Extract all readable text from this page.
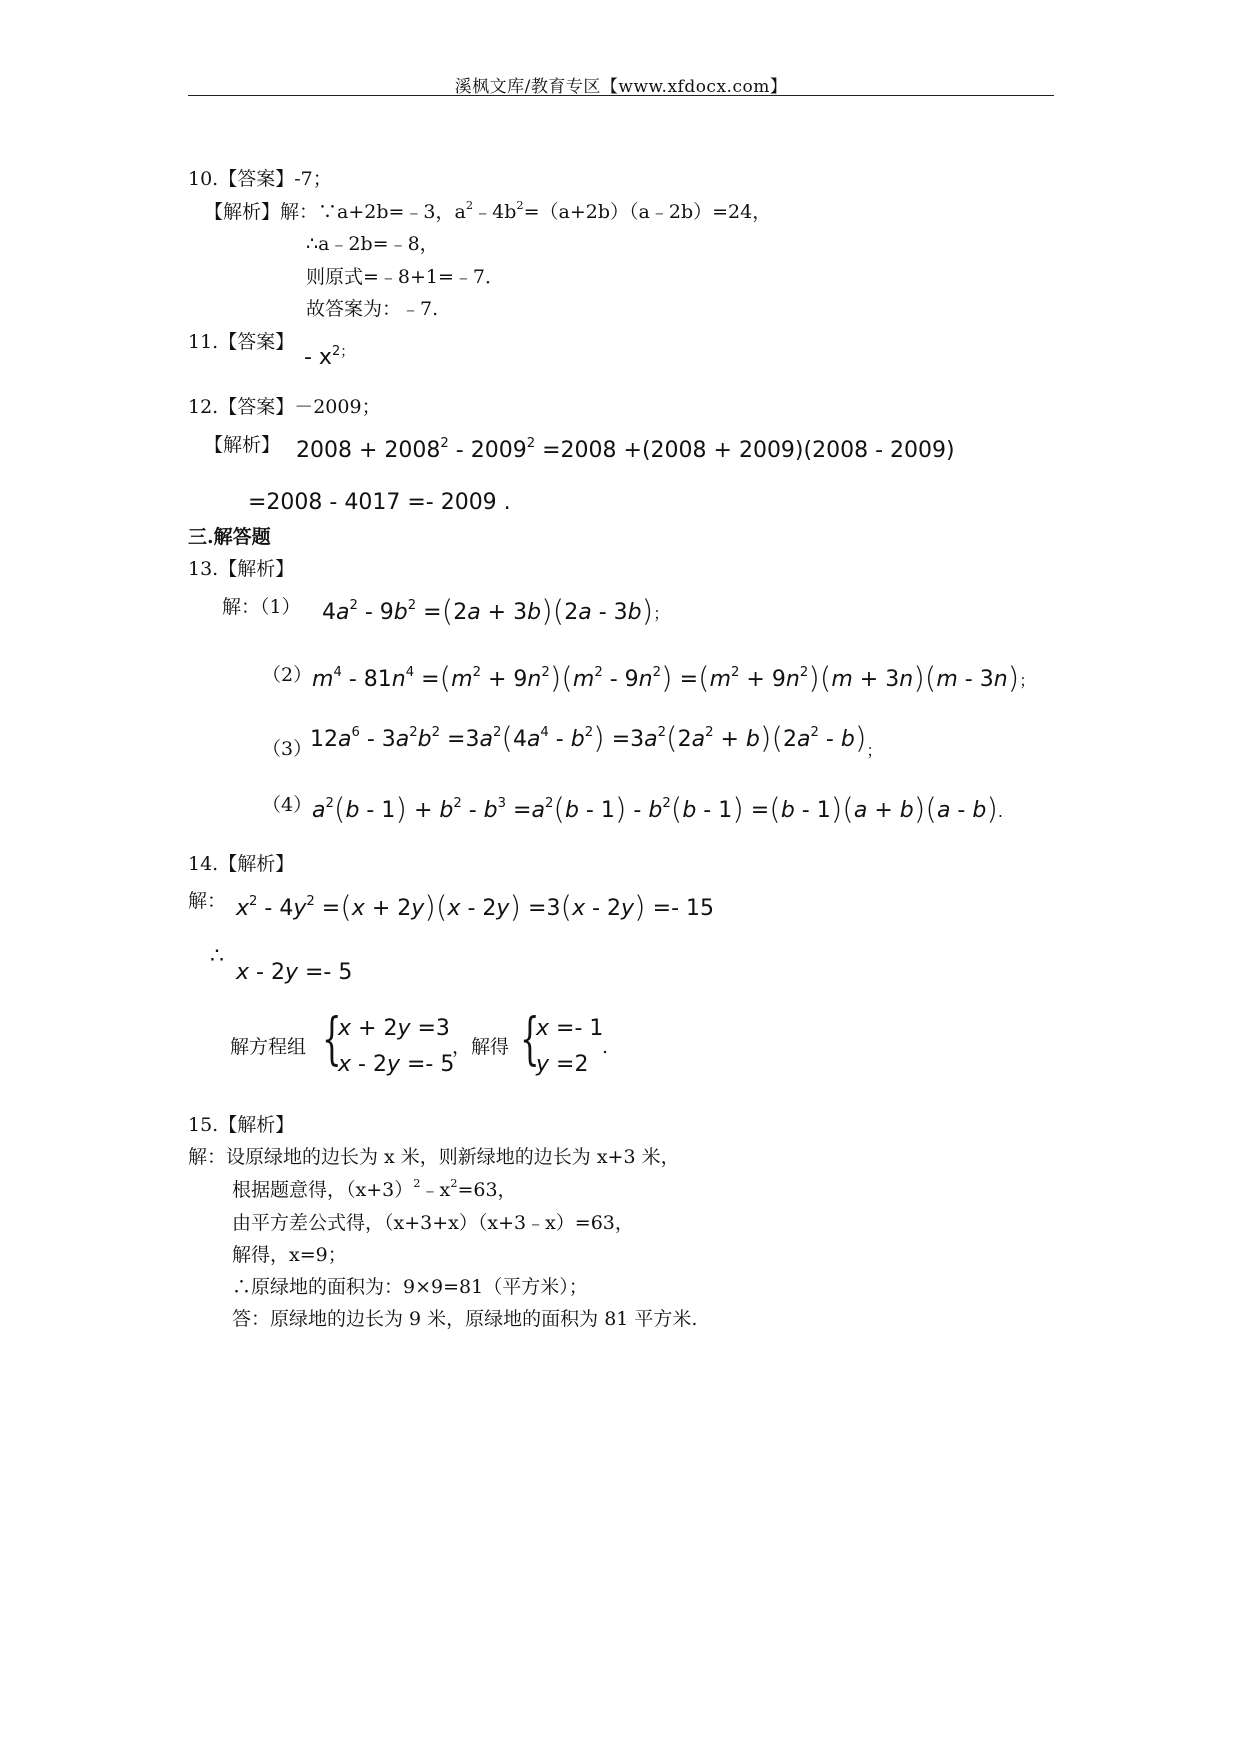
溪枫文库/教育专区【www.xfdocx.com】
10.【答案】-7；
【解析】解：∵a+2b=﹣3，$a^2﹣4b^2=(a+2b)(a﹣2b)=24$，
∴a﹣2b=﹣8，
则原式=﹣8+1=﹣7．
故答案为：﹣7.
11.【答案】
- $x^{2;}$
12.【答案】－2009；
【解析】 $2008 + 2008^2 - 2009^2 =2008 +(2008 + 2009)(2008 - 2009)$
=2008 - 4017 =- 2009 .
三.解答题
13.【解析】
解：（1） $4a^2 - 9b^2 =(2a + 3b)(2a - 3b)$；
（2） $m^4 - 81n^4 =(m^2 + 9n^2)(m^2 - 9n^2) =(m^2 + 9n^2)(m + 3n)(m - 3n)$；
（3）
$12a^6 - 3a^2b^2 =3a^2(4a^4 - b^2) =3a^2(2a^2 + b)(2a^2 - b)_;$
（4） $a^2(b - 1) + b^2 - b^3 =a^2(b - 1) - b^2(b - 1) =(b - 1)(a + b)(a - b)$.
14.【解析】
解： $x^2 - 4y^2 =(x + 2y)(x - 2y) =3(x - 2y) =- 15$
∴
x - 2y =- 5
解方程组 {
x + 2y =3
x - 2y =- 5
，解得 {
x =- 1
y =2
.
15.【解析】
解：设原绿地的边长为 x 米，则新绿地的边长为 x+3 米，
根据题意得，$(x+3)^2﹣x^2=63$，
由平方差公式得，（x+3+x）（x+3﹣x）=63，
解得，x=9；
∴原绿地的面积为：9×9=81（平方米）；
答：原绿地的边长为 9 米，原绿地的面积为 81 平方米.
